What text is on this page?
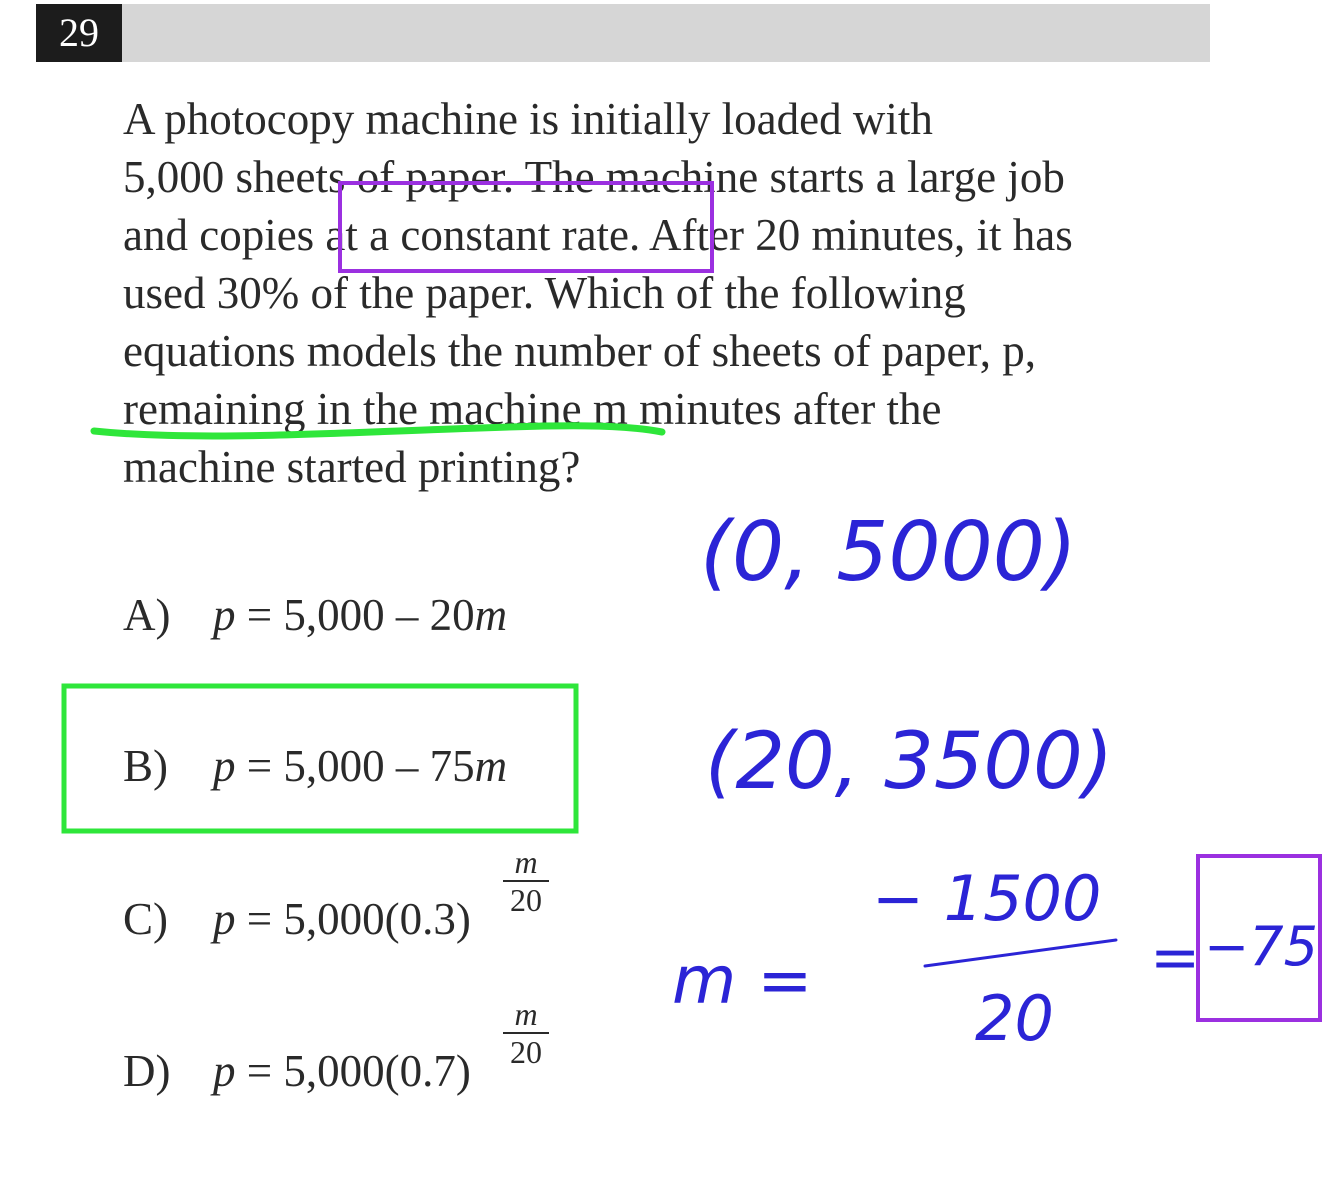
29
A photocopy machine is initially loaded with
5,000 sheets of paper. The machine starts a large job
and copies at a constant rate. After 20 minutes, it has
used 30% of the paper. Which of the following
equations models the number of sheets of paper, p,
remaining in the machine m minutes after the
machine started printing?
A) p = 5,000 – 20m
B) p = 5,000 – 75m
C) p = 5,000(0.3)
$\frac{m}{20}$
D) p = 5,000(0.7)
$\frac{m}{20}$
(0, 5000)
(20, 3500)
m =
− 1500
20
= −75
